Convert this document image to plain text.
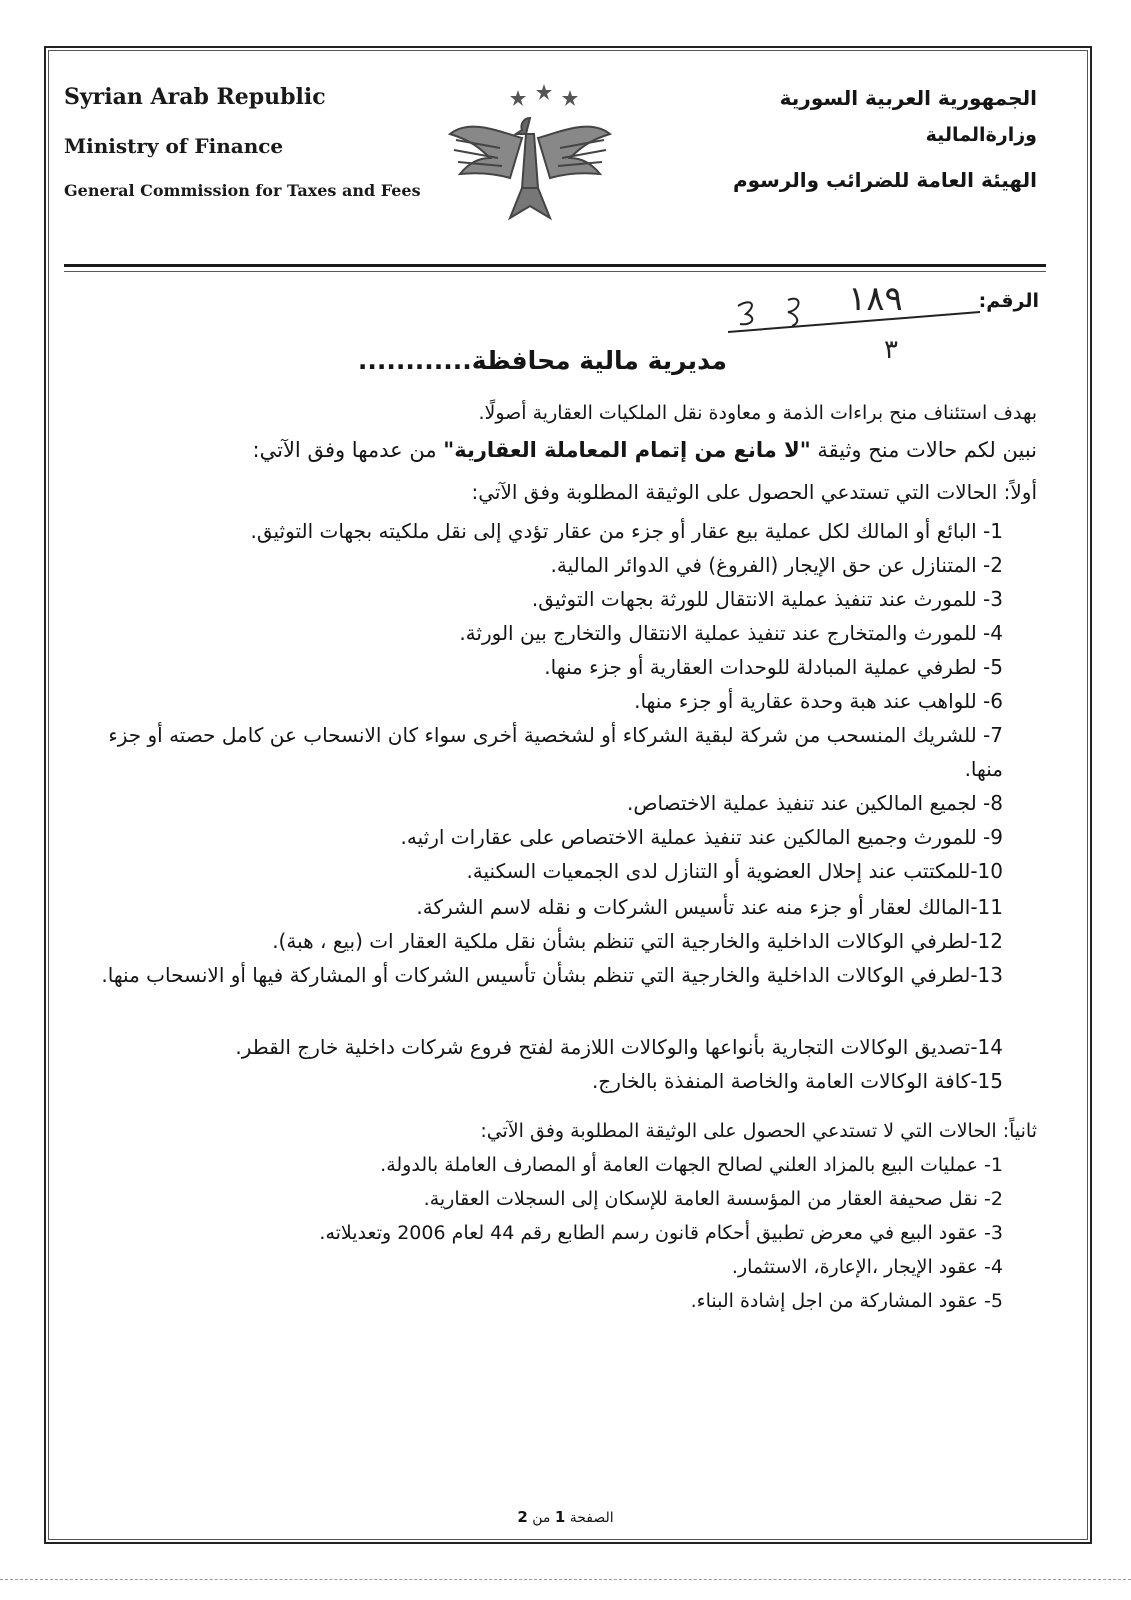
Syrian Arab Republic
Ministry of Finance
General Commission for Taxes and Fees
الجمهورية العربية السورية
وزارةالمالية
الهيئة العامة للضرائب والرسوم
الرقم:
١٨٩
٣
ص ع
مديرية مالية محافظة............
بهدف استئناف منح براءات الذمة و معاودة نقل الملكيات العقارية أصولًا.
نبين لكم حالات منح وثيقة "لا مانع من إتمام المعاملة العقارية" من عدمها وفق الآتي:
أولاً: الحالات التي تستدعي الحصول على الوثيقة المطلوبة وفق الآتي:
1- البائع أو المالك لكل عملية بيع عقار أو جزء من عقار تؤدي إلى نقل ملكيته بجهات التوثيق.
2- المتنازل عن حق الإيجار (الفروغ) في الدوائر المالية.
3- للمورث عند تنفيذ عملية الانتقال للورثة بجهات التوثيق.
4- للمورث والمتخارج عند تنفيذ عملية الانتقال والتخارج بين الورثة.
5- لطرفي عملية المبادلة للوحدات العقارية أو جزء منها.
6- للواهب عند هبة وحدة عقارية أو جزء منها.
7- للشريك المنسحب من شركة لبقية الشركاء أو لشخصية أخرى سواء كان الانسحاب عن كامل حصته أو جزء منها.
8- لجميع المالكين عند تنفيذ عملية الاختصاص.
9- للمورث وجميع المالكين عند تنفيذ عملية الاختصاص على عقارات ارثيه.
10-للمكتتب عند إحلال العضوية أو التنازل لدى الجمعيات السكنية.
11-المالك لعقار أو جزء منه عند تأسيس الشركات و نقله لاسم الشركة.
12-لطرفي الوكالات الداخلية والخارجية التي تنظم بشأن نقل ملكية العقار ات (بيع ، هبة).
13-لطرفي الوكالات الداخلية والخارجية التي تنظم بشأن تأسيس الشركات أو المشاركة فيها أو الانسحاب منها.
14-تصديق الوكالات التجارية بأنواعها والوكالات اللازمة لفتح فروع شركات داخلية خارج القطر.
15-كافة الوكالات العامة والخاصة المنفذة بالخارج.
ثانياً: الحالات التي لا تستدعي الحصول على الوثيقة المطلوبة وفق الآتي:
1- عمليات البيع بالمزاد العلني لصالح الجهات العامة أو المصارف العاملة بالدولة.
2- نقل صحيفة العقار من المؤسسة العامة للإسكان إلى السجلات العقارية.
3- عقود البيع في معرض تطبيق أحكام قانون رسم الطابع رقم 44 لعام 2006 وتعديلاته.
4- عقود الإيجار ،الإعارة، الاستثمار.
5- عقود المشاركة من اجل إشادة البناء.
الصفحة 1 من 2
